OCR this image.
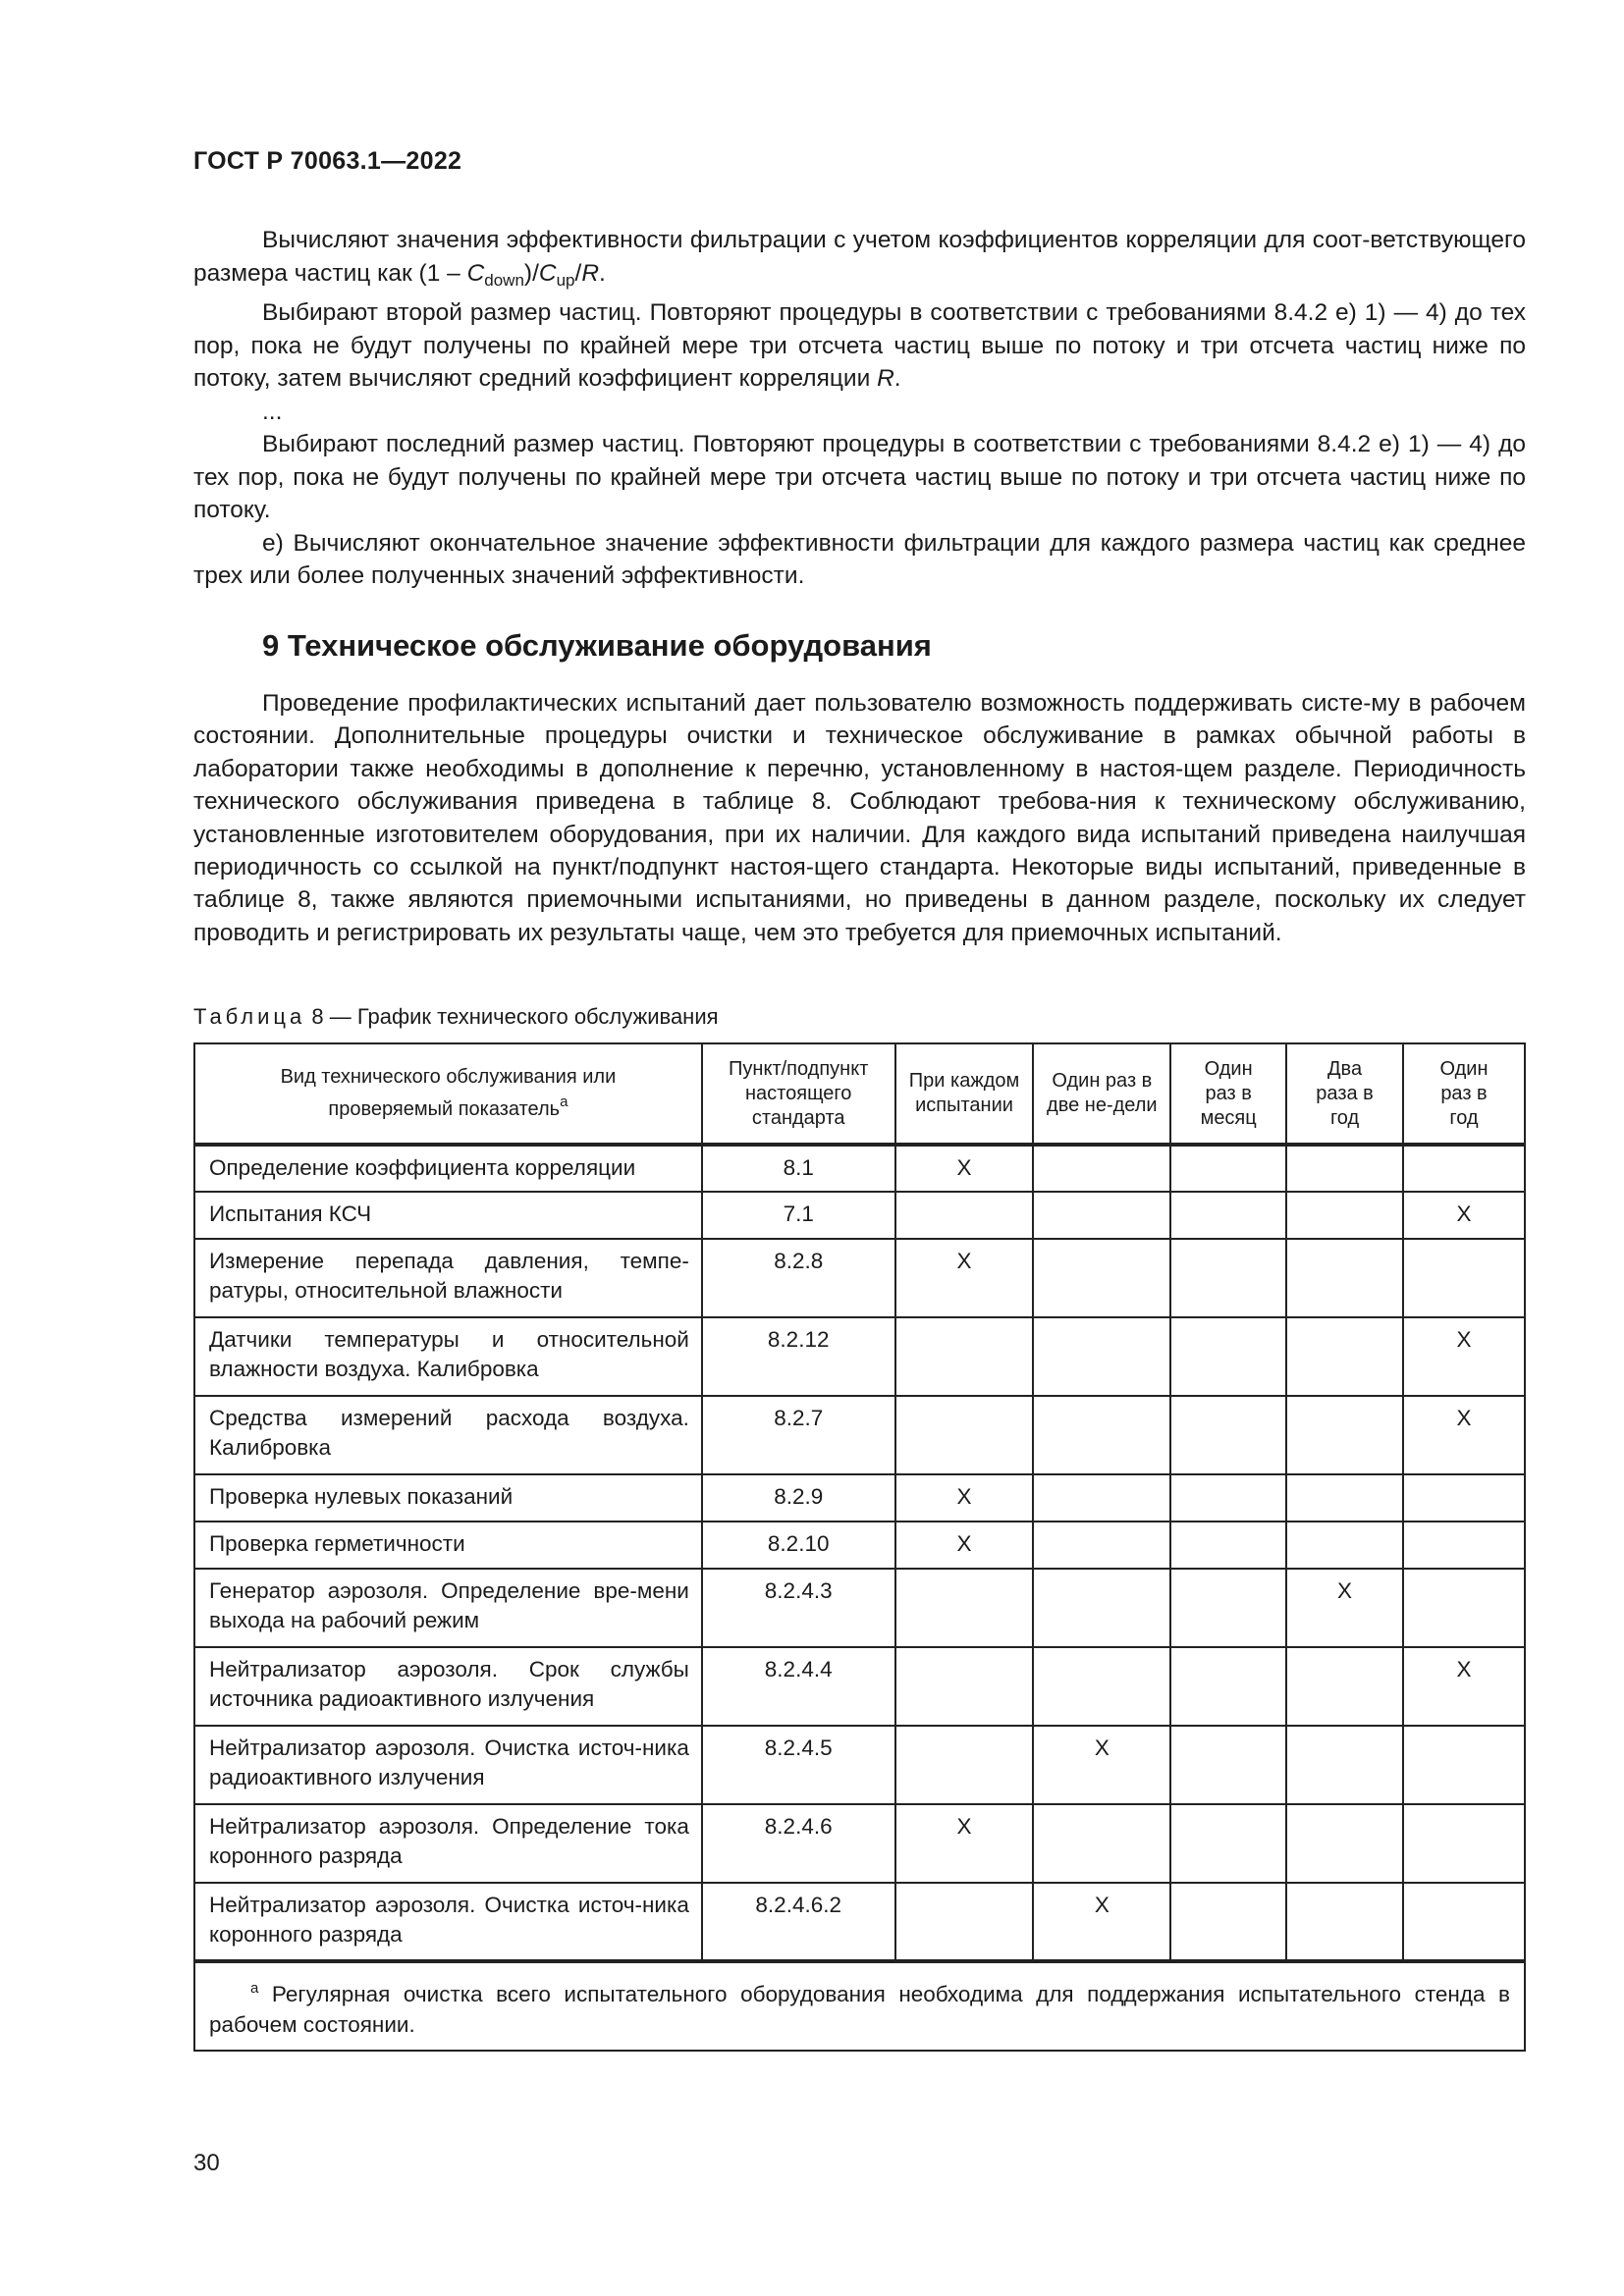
ГОСТ Р 70063.1—2022

Вычисляют значения эффективности фильтрации с учетом коэффициентов корреляции для соот-ветствующего размера частиц как $(1 - C_{down})/C_{up}/R$.

Выбирают второй размер частиц. Повторяют процедуры в соответствии с требованиями 8.4.2 e) 1) — 4) до тех пор, пока не будут получены по крайней мере три отсчета частиц выше по потоку и три отсчета частиц ниже по потоку, затем вычисляют средний коэффициент корреляции R.

...

Выбирают последний размер частиц. Повторяют процедуры в соответствии с требованиями 8.4.2 e) 1) — 4) до тех пор, пока не будут получены по крайней мере три отсчета частиц выше по потоку и три отсчета частиц ниже по потоку.

e) Вычисляют окончательное значение эффективности фильтрации для каждого размера частиц как среднее трех или более полученных значений эффективности.

9 Техническое обслуживание оборудования

Проведение профилактических испытаний дает пользователю возможность поддерживать систе-му в рабочем состоянии. Дополнительные процедуры очистки и техническое обслуживание в рамках обычной работы в лаборатории также необходимы в дополнение к перечню, установленному в настоя-щем разделе. Периодичность технического обслуживания приведена в таблице 8. Соблюдают требова-ния к техническому обслуживанию, установленные изготовителем оборудования, при их наличии. Для каждого вида испытаний приведена наилучшая периодичность со ссылкой на пункт/подпункт настоя-щего стандарта. Некоторые виды испытаний, приведенные в таблице 8, также являются приемочными испытаниями, но приведены в данном разделе, поскольку их следует проводить и регистрировать их результаты чаще, чем это требуется для приемочных испытаний.

Таблица 8 — График технического обслуживания
Вид технического обслуживания или проверяемый показатель$^a$	Пункт/подпункт настоящего стандарта	При каждом испытании	Один раз в две не-дели	Один раз в месяц	Два раза в год	Один раз в год
Определение коэффициента корреляции	8.1	X				
Испытания КСЧ	7.1					X
Измерение перепада давления, темпе-ратуры, относительной влажности	8.2.8	X				
Датчики температуры и относительной влажности воздуха. Калибровка	8.2.12					X
Средства измерений расхода воздуха. Калибровка	8.2.7					X
Проверка нулевых показаний	8.2.9	X				
Проверка герметичности	8.2.10	X				
Генератор аэрозоля. Определение вре-мени выхода на рабочий режим	8.2.4.3				X	
Нейтрализатор аэрозоля. Срок службы источника радиоактивного излучения	8.2.4.4					X
Нейтрализатор аэрозоля. Очистка источ-ника радиоактивного излучения	8.2.4.5		X			
Нейтрализатор аэрозоля. Определение тока коронного разряда	8.2.4.6	X				
Нейтрализатор аэрозоля. Очистка источ-ника коронного разряда	8.2.4.6.2		X			
$^a$ Регулярная очистка всего испытательного оборудования необходима для поддержания испытательного стенда в рабочем состоянии.						
30
